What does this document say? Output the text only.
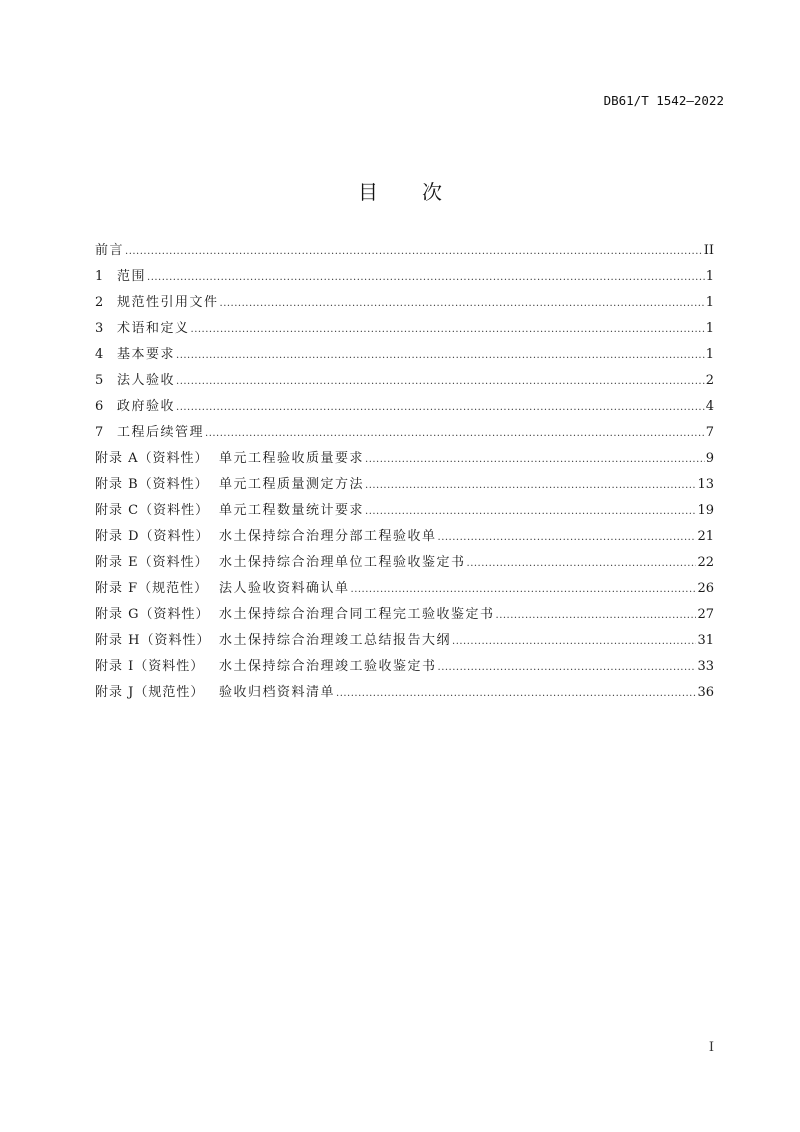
DB61/T 1542—2022
目 次
前言 .....	II
1	范围 .....	1
2	规范性引用文件 .....	1
3	术语和定义 .....	1
4	基本要求 .....	1
5	法人验收 .....	2
6	政府验收 .....	4
7	工程后续管理 .....	7
附录 A（资料性） 单元工程验收质量要求 .....	9
附录 B（资料性） 单元工程质量测定方法 .....	13
附录 C（资料性） 单元工程数量统计要求 .....	19
附录 D（资料性） 水土保持综合治理分部工程验收单 .....	21
附录 E（资料性） 水土保持综合治理单位工程验收鉴定书 .....	22
附录 F（规范性） 法人验收资料确认单 .....	26
附录 G（资料性） 水土保持综合治理合同工程完工验收鉴定书 .....	27
附录 H（资料性） 水土保持综合治理竣工总结报告大纲 .....	31
附录 I（资料性）	水土保持综合治理竣工验收鉴定书 .....	33
附录 J（规范性）	验收归档资料清单 .....	36
I
